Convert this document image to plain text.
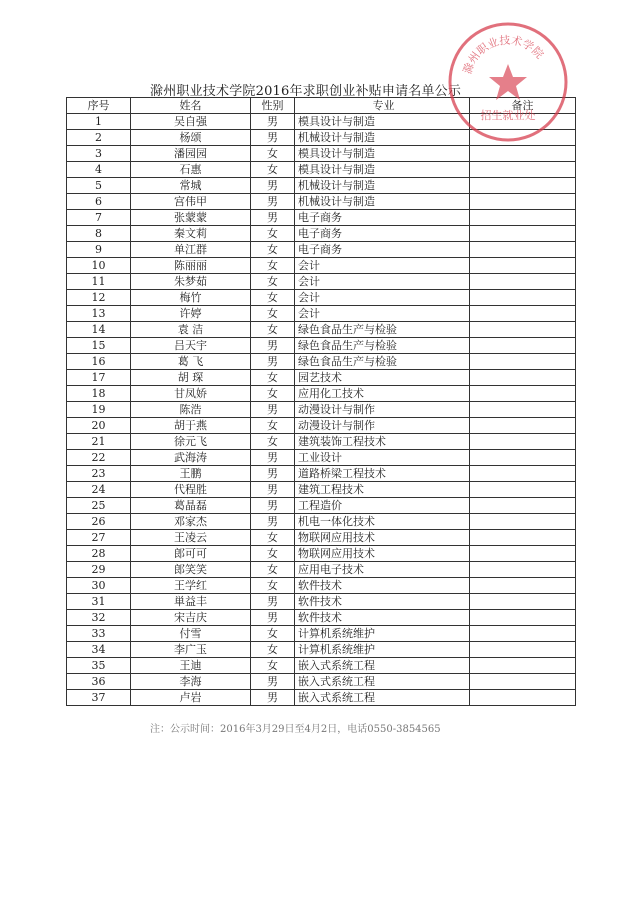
滁州职业技术学院2016年求职创业补贴申请名单公示
序号	姓名	性别	专业	备注
1	吴自强	男	模具设计与制造	
2	杨颂	男	机械设计与制造	
3	潘园园	女	模具设计与制造	
4	石惠	女	模具设计与制造	
5	常城	男	机械设计与制造	
6	宫伟甲	男	机械设计与制造	
7	张蒙蒙	男	电子商务	
8	秦文莉	女	电子商务	
9	单江群	女	电子商务	
10	陈丽丽	女	会计	
11	朱梦茹	女	会计	
12	梅竹	女	会计	
13	许婷	女	会计	
14	袁 洁	女	绿色食品生产与检验	
15	吕天宇	男	绿色食品生产与检验	
16	葛 飞	男	绿色食品生产与检验	
17	胡 琛	女	园艺技术	
18	甘凤娇	女	应用化工技术	
19	陈浩	男	动漫设计与制作	
20	胡于燕	女	动漫设计与制作	
21	徐元飞	女	建筑装饰工程技术	
22	武海涛	男	工业设计	
23	王鹏	男	道路桥梁工程技术	
24	代程胜	男	建筑工程技术	
25	葛晶磊	男	工程造价	
26	邓家杰	男	机电一体化技术	
27	王凌云	女	物联网应用技术	
28	郎可可	女	物联网应用技术	
29	郎笑笑	女	应用电子技术	
30	王学红	女	软件技术	
31	単益丰	男	软件技术	
32	宋吉庆	男	软件技术	
33	付雪	女	计算机系统维护	
34	李广玉	女	计算机系统维护	
35	王迪	女	嵌入式系统工程	
36	李海	男	嵌入式系统工程	
37	卢岩	男	嵌入式系统工程	
注：公示时间：2016年3月29日至4月2日，电话0550-3854565
滁州职业技术学院
招生就业处
